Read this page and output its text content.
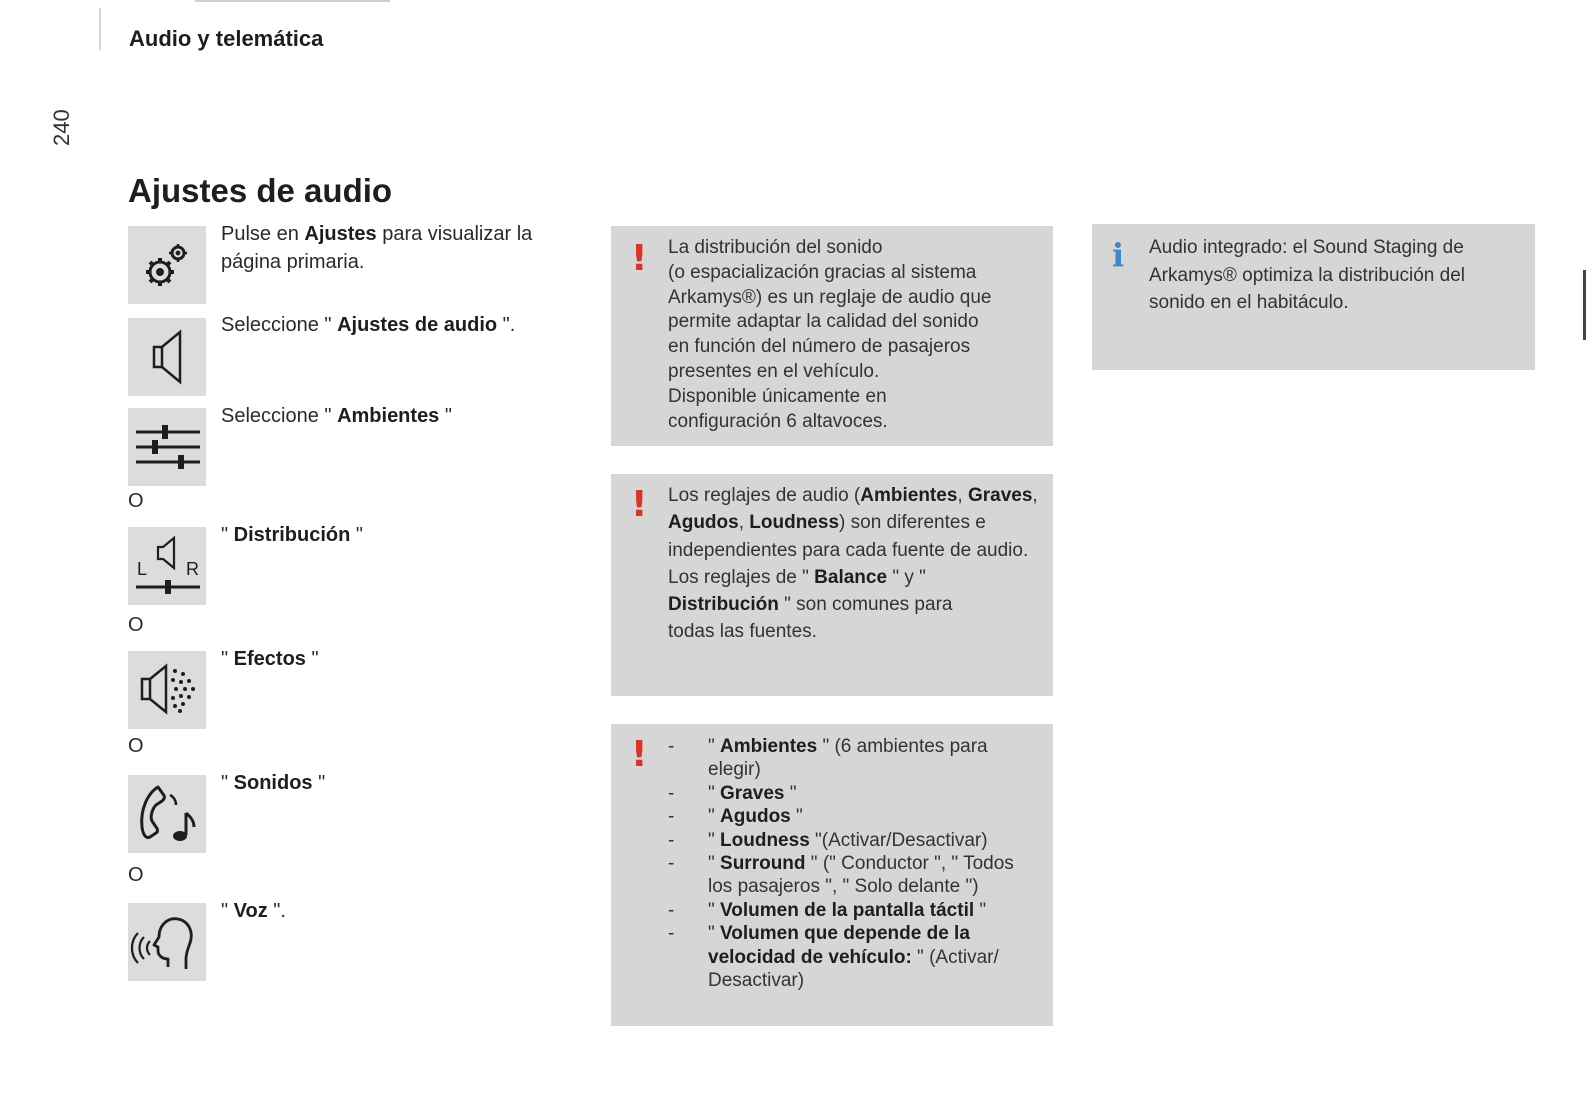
Audio y telemática
240
Ajustes de audio
Pulse en Ajustes para visualizar la página primaria.
Seleccione " Ajustes de audio ".
Seleccione " Ambientes "
O
L R
" Distribución "
O
" Efectos "
O
" Sonidos "
O
" Voz ".
! La distribución del sonido
(o espacialización gracias al sistema
Arkamys®) es un reglaje de audio que
permite adaptar la calidad del sonido
en función del número de pasajeros
presentes en el vehículo.
Disponible únicamente en
configuración 6 altavoces.
! Los reglajes de audio (Ambientes, Graves, Agudos, Loudness) son diferentes e independientes para cada fuente de audio.
Los reglajes de " Balance " y " Distribución " son comunes para todas las fuentes.
!
-	" Ambientes " (6 ambientes para elegir)
- " Graves "
- " Agudos "
- " Loudness "(Activar/Desactivar)
- " Surround " (" Conductor ", " Todos los pasajeros ", " Solo delante ")
- " Volumen de la pantalla táctil "
- " Volumen que depende de la velocidad de vehículo: " (Activar/ Desactivar)
i Audio integrado: el Sound Staging de
Arkamys® optimiza la distribución del
sonido en el habitáculo.
